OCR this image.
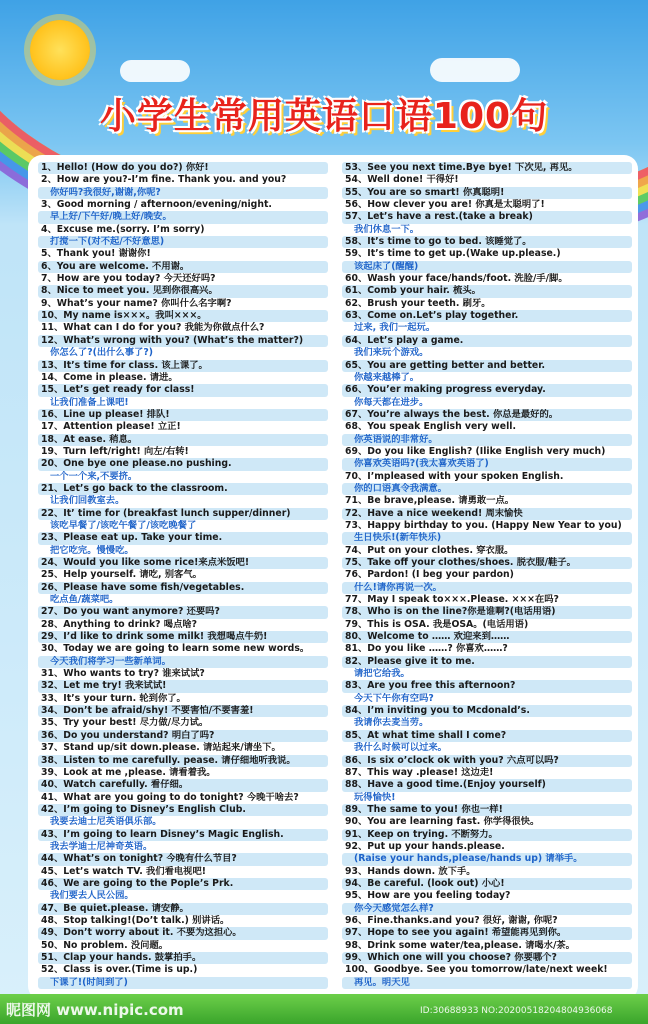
小学生常用英语口语100句
1、Hello! (How do you do?) 你好!
2、How are you?-I’m fine. Thank you. and you?
你好吗?我很好,谢谢,你呢?
3、Good morning / afternoon/evening/night.
早上好/下午好/晚上好/晚安。
4、Excuse me.(sorry. I’m sorry)
打搅一下(对不起/不好意思)
5、Thank you! 谢谢你!
6、You are welcome. 不用谢。
7、How are you today? 今天还好吗?
8、Nice to meet you. 见到你很高兴。
9、What’s your name? 你叫什么名字啊?
10、My name is×××。我叫×××。
11、What can I do for you? 我能为你做点什么?
12、What’s wrong with you? (What’s the matter?)
你怎么了?(出什么事了?)
13、It’s time for class. 该上课了。
14、Come in please. 请进。
15、Let’s get ready for class!
让我们准备上课吧!
16、Line up please! 排队!
17、Attention please! 立正!
18、At ease. 稍息。
19、Turn left/right! 向左/右转!
20、One bye one please.no pushing.
一个一个来,不要挤。
21、Let’s go back to the classroom.
让我们回教室去。
22、It’ time for (breakfast lunch supper/dinner)
该吃早餐了/该吃午餐了/该吃晚餐了
23、Please eat up. Take your time.
把它吃完。慢慢吃。
24、Would you like some rice!来点米饭吧!
25、Help yourself. 请吃, 别客气。
26、Please have some fish/vegetables.
吃点鱼/蔬菜吧。
27、Do you want anymore? 还要吗?
28、Anything to drink? 喝点啥?
29、I’d like to drink some milk! 我想喝点牛奶!
30、Today we are going to learn some new words。
今天我们将学习一些新单词。
31、Who wants to try? 谁来试试?
32、Let me try! 我来试试!
33、It’s your turn. 轮到你了。
34、Don’t be afraid/shy! 不要害怕/不要害羞!
35、Try your best! 尽力做/尽力试。
36、Do you understand? 明白了吗?
37、Stand up/sit down.please. 请站起来/请坐下。
38、Listen to me carefully. pease. 请仔细地听我说。
39、Look at me ,please. 请看着我。
40、Watch carefully. 看仔细。
41、What are you going to do tonight? 今晚干啥去?
42、I’m going to Disney’s English Club.
我要去迪士尼英语俱乐部。
43、I’m going to learn Disney’s Magic English.
我去学迪士尼神奇英语。
44、What’s on tonight? 今晚有什么节目?
45、Let’s watch TV. 我们看电视吧!
46、We are going to the Pople’s Prk.
我们要去人民公园。
47、Be quiet.please. 请安静。
48、Stop talking!(Do’t talk.) 别讲话。
49、Don’t worry about it. 不要为这担心。
50、No problem. 没问题。
51、Clap your hands. 鼓掌拍手。
52、Class is over.(Time is up.)
下课了!(时间到了)
53、See you next time.Bye bye! 下次见, 再见。
54、Well done! 干得好!
55、You are so smart! 你真聪明!
56、How clever you are! 你真是太聪明了!
57、Let’s have a rest.(take a break)
我们休息一下。
58、It’s time to go to bed. 该睡觉了。
59、It’s time to get up.(Wake up.please.)
该起床了(醒醒)
60、Wash your face/hands/foot. 洗脸/手/脚。
61、Comb your hair. 梳头。
62、Brush your teeth. 刷牙。
63、Come on.Let’s play together.
过来, 我们一起玩。
64、Let’s play a game.
我们来玩个游戏。
65、You are getting better and better.
你越来越棒了。
66、You’er making progress everyday.
你每天都在进步。
67、You’re always the best. 你总是最好的。
68、You speak English very well.
你英语说的非常好。
69、Do you like English? (Ilike English very much)
你喜欢英语吗?(我太喜欢英语了)
70、I’mpleased with your spoken English.
你的口语真令我满意。
71、Be brave,please. 请勇敢一点。
72、Have a nice weekend! 周末愉快
73、Happy birthday to you. (Happy New Year to you)
生日快乐!(新年快乐)
74、Put on your clothes. 穿衣服。
75、Take off your clothes/shoes. 脱衣服/鞋子。
76、Pardon! (I beg your pardon)
什么!请你再说一次。
77、May I speak to×××.Please. ×××在吗?
78、Who is on the line?你是谁啊?(电话用语)
79、This is OSA. 我是OSA。(电话用语)
80、Welcome to …… 欢迎来到……
81、Do you like ……? 你喜欢……?
82、Please give it to me.
请把它给我。
83、Are you free this afternoon?
今天下午你有空吗?
84、I’m inviting you to Mcdonald’s.
我请你去麦当劳。
85、At what time shall I come?
我什么时候可以过来。
86、Is six o’clock ok with you? 六点可以吗?
87、This way .please! 这边走!
88、Have a good time.(Enjoy yourself)
玩得愉快!
89、The same to you! 你也一样!
90、You are learning fast. 你学得很快。
91、Keep on trying. 不断努力。
92、Put up your hands.please.
(Raise your hands,please/hands up) 请举手。
93、Hands down. 放下手。
94、Be careful. (look out) 小心!
95、How are you feeling today?
你今天感觉怎么样?
96、Fine.thanks.and you? 很好, 谢谢, 你呢?
97、Hope to see you again! 希望能再见到你。
98、Drink some water/tea,please. 请喝水/茶。
99、Which one will you choose? 你要哪个?
100、Goodbye. See you tomorrow/late/next week!
再见。明天见
昵图网 www.nipic.com	ID:30688933 NO:20200518204804936068
